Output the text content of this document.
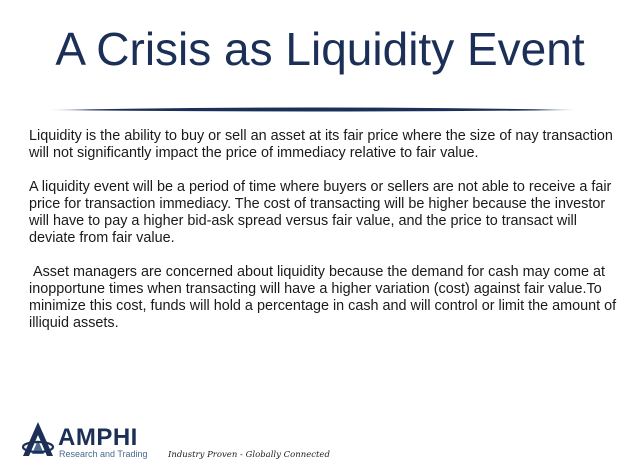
A Crisis as Liquidity Event

Liquidity is the ability to buy or sell an asset at its fair price where the size of nay transaction will not significantly impact the price of immediacy relative to fair value.

A liquidity event will be a period of time where buyers or sellers are not able to receive a fair price for transaction immediacy. The cost of transacting will be higher because the investor will have to pay a higher bid-ask spread versus fair value, and the price to transact will deviate from fair value.

Asset managers are concerned about liquidity because the demand for cash may come at inopportune times when transacting will have a higher variation (cost) against fair value.To minimize this cost, funds will hold a percentage in cash and will control or limit the amount of illiquid assets.

AMPHI
Research and Trading Industry Proven - Globally Connected
